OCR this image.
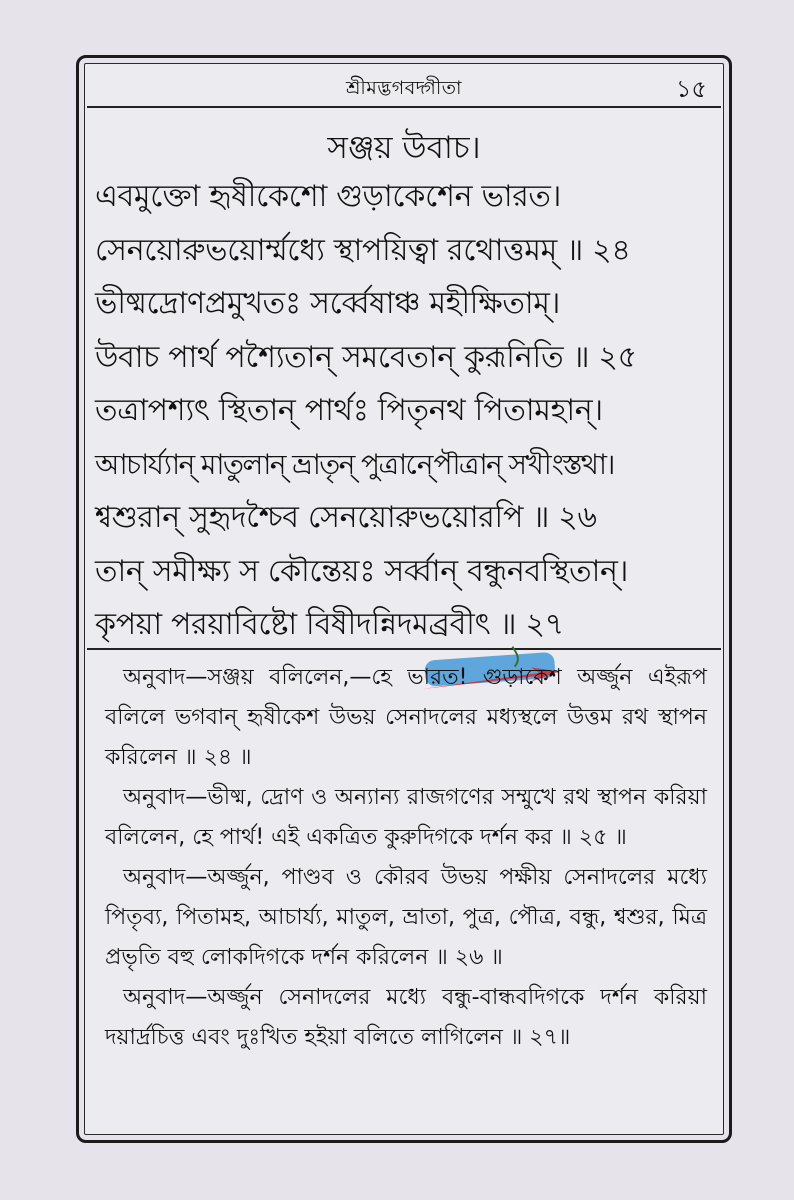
শ্রীমদ্ভগবদ্গীতা	১৫
সঞ্জয় উবাচ।
এবমুক্তো হৃষীকেশো গুড়াকেশেন ভারত।
সেনয়োরুভয়োর্ম্মধ্যে স্থাপয়িত্বা রথোত্তমম্ ॥ ২৪
ভীষ্মদ্রোণপ্রমুখতঃ সর্ব্বেষাঞ্চ মহীক্ষিতাম্।
উবাচ পার্থ পশ্যৈতান্ সমবেতান্ কুরূনিতি ॥ ২৫
তত্রাপশ্যৎ স্থিতান্ পার্থঃ পিতৃনথ পিতামহান্।
আচার্য্যান্ মাতুলান্ ভ্রাতৃন্ পুত্রান্পৌত্রান্ সখীংস্তথা।
শ্বশুরান্ সুহৃদশ্চৈব সেনয়োরুভয়োরপি ॥ ২৬
তান্ সমীক্ষ্য স কৌন্তেয়ঃ সর্ব্বান্ বন্ধুনবস্থিতান্।
কৃপয়া পরয়াবিষ্টো বিষীদন্নিদমব্রবীৎ ॥ ২৭

অনুবাদ—সঞ্জয় বলিলেন,—হে ভারত! গুড়াকেশ অর্জ্জুন এইরূপ বলিলে ভগবান্ হৃষীকেশ উভয় সেনাদলের মধ্যস্থলে উত্তম রথ স্থাপন করিলেন ॥ ২৪ ॥

অনুবাদ—ভীষ্ম, দ্রোণ ও অন্যান্য রাজগণের সম্মুখে রথ স্থাপন করিয়া বলিলেন, হে পার্থ! এই একত্রিত কুরুদিগকে দর্শন কর ॥ ২৫ ॥

অনুবাদ—অর্জ্জুন, পাণ্ডব ও কৌরব উভয় পক্ষীয় সেনাদলের মধ্যে পিতৃব্য, পিতামহ, আচার্য্য, মাতুল, ভ্রাতা, পুত্র, পৌত্র, বন্ধু, শ্বশুর, মিত্র প্রভৃতি বহু লোকদিগকে দর্শন করিলেন ॥ ২৬ ॥

অনুবাদ—অর্জ্জুন সেনাদলের মধ্যে বন্ধু-বান্ধবদিগকে দর্শন করিয়া দয়ার্দ্রচিত্ত এবং দুঃখিত হইয়া বলিতে লাগিলেন ॥ ২৭॥
